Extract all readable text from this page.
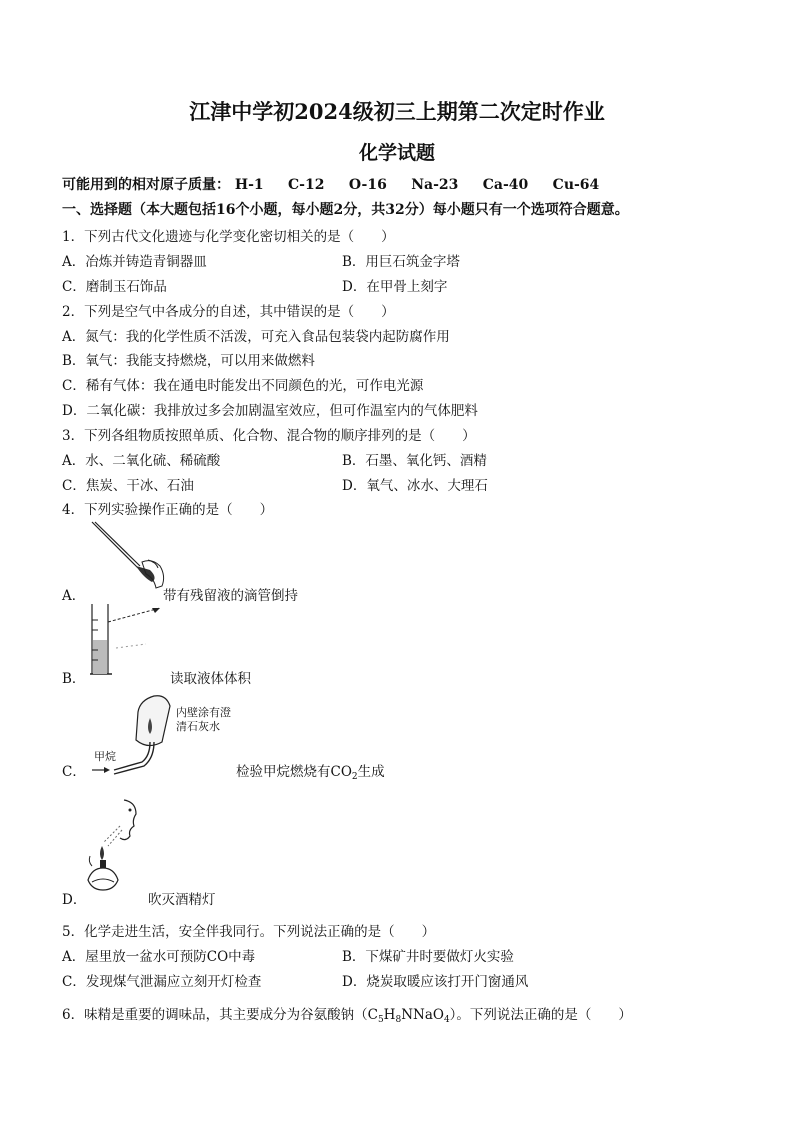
江津中学初2024级初三上期第二次定时作业
化学试题
可能用到的相对原子质量： H-1 C-12 O-16 Na-23 Ca-40 Cu-64
一、选择题（本大题包括16个小题，每小题2分，共32分）每小题只有一个选项符合题意。
1．下列古代文化遗迹与化学变化密切相关的是（　　）
A．冶炼并铸造青铜器皿	B．用巨石筑金字塔
C．磨制玉石饰品	D．在甲骨上刻字
2．下列是空气中各成分的自述，其中错误的是（　　）
A．氮气：我的化学性质不活泼，可充入食品包装袋内起防腐作用
B．氧气：我能支持燃烧，可以用来做燃料
C．稀有气体：我在通电时能发出不同颜色的光，可作电光源
D．二氧化碳：我排放过多会加剧温室效应，但可作温室内的气体肥料
3．下列各组物质按照单质、化合物、混合物的顺序排列的是（　　）
A．水、二氧化硫、稀硫酸	B．石墨、氧化钙、酒精
C．焦炭、干冰、石油	D．氧气、冰水、大理石
4．下列实验操作正确的是（　　）
A．	带有残留液的滴管倒持
B．	读取液体体积
内壁涂有澄
清石灰水
甲烷
C．	检验甲烷燃烧有$CO_2$生成
D．	吹灭酒精灯
5．化学走进生活，安全伴我同行。下列说法正确的是（　　）
A．屋里放一盆水可预防CO中毒	B．下煤矿井时要做灯火实验
C．发现煤气泄漏应立刻开灯检查	D．烧炭取暖应该打开门窗通风
6．味精是重要的调味品，其主要成分为谷氨酸钠$(C_5H_8NNaO_4)$。下列说法正确的是（　　）
